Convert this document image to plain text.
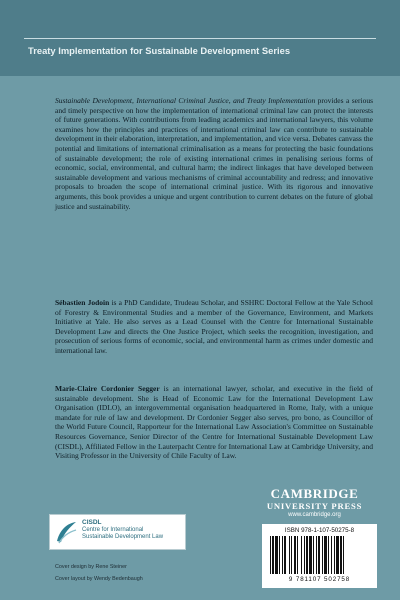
Treaty Implementation for Sustainable Development Series

Sustainable Development, International Criminal Justice, and Treaty Implementation provides a serious and timely perspective on how the implementation of international criminal law can protect the interests of future generations. With contributions from leading academics and international lawyers, this volume examines how the principles and practices of international criminal law can contribute to sustainable development in their elaboration, interpretation, and implementation, and vice versa. Debates canvass the potential and limitations of international criminalisation as a means for protecting the basic foundations of sustainable development; the role of existing international crimes in penalising serious forms of economic, social, environmental, and cultural harm; the indirect linkages that have developed between sustainable development and various mechanisms of criminal accountability and redress; and innovative proposals to broaden the scope of international criminal justice. With its rigorous and innovative arguments, this book provides a unique and urgent contribution to current debates on the future of global justice and sustainability.

Sébastien Jodoin is a PhD Candidate, Trudeau Scholar, and SSHRC Doctoral Fellow at the Yale School of Forestry & Environmental Studies and a member of the Governance, Environment, and Markets Initiative at Yale. He also serves as a Lead Counsel with the Centre for International Sustainable Development Law and directs the One Justice Project, which seeks the recognition, investigation, and prosecution of serious forms of economic, social, and environmental harm as crimes under domestic and international law.

Marie-Claire Cordonier Segger is an international lawyer, scholar, and executive in the field of sustainable development. She is Head of Economic Law for the International Development Law Organisation (IDLO), an intergovernmental organisation headquartered in Rome, Italy, with a unique mandate for rule of law and development. Dr Cordonier Segger also serves, pro bono, as Councillor of the World Future Council, Rapporteur for the International Law Association's Committee on Sustainable Resources Governance, Senior Director of the Centre for International Sustainable Development Law (CISDL), Affiliated Fellow in the Lauterpacht Centre for International Law at Cambridge University, and Visiting Professor in the University of Chile Faculty of Law.

CISDL
Centre for International
Sustainable Development Law
Cover design by Rene Steiner
Cover layout by Wendy Bedenbaugh
CAMBRIDGE
UNIVERSITY PRESS
www.cambridge.org
ISBN 978-1-107-50275-8
9 781107 502758
